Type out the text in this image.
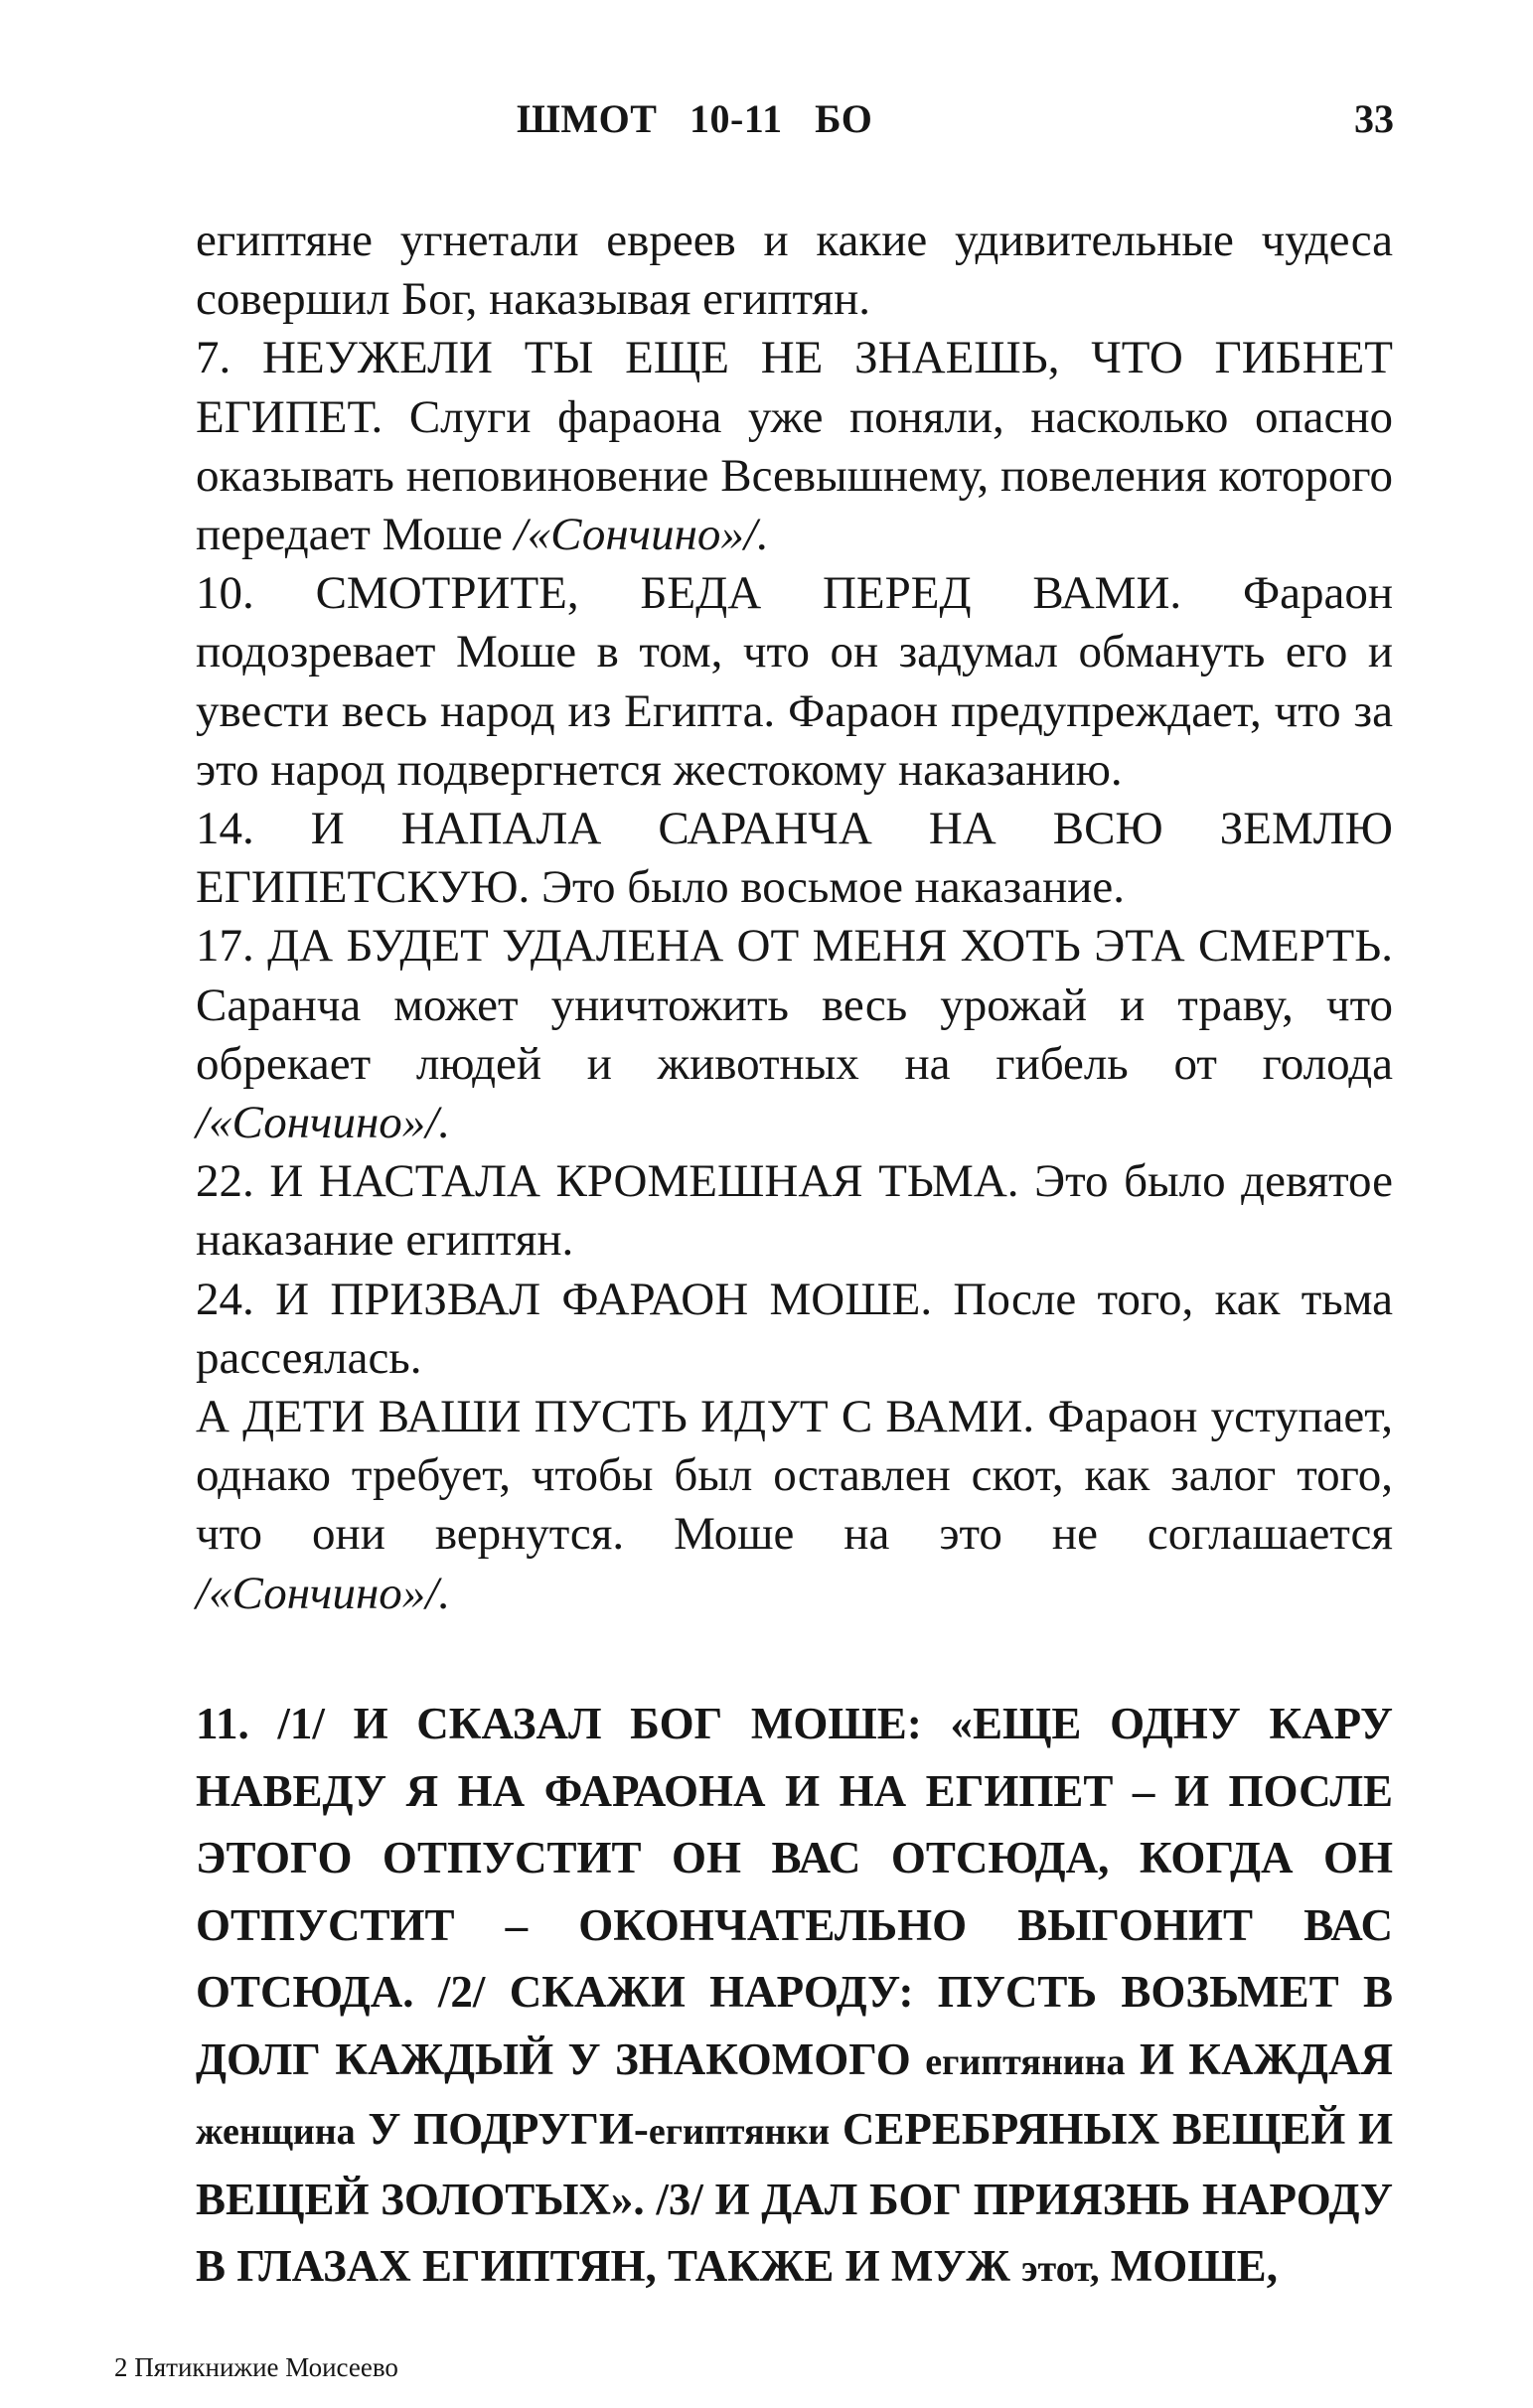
ШМОТ 10-11 БО	33

египтяне угнетали евреев и какие удивительные чудеса совершил Бог, наказывая египтян.

7. НЕУЖЕЛИ ТЫ ЕЩЕ НЕ ЗНАЕШЬ, ЧТО ГИБНЕТ ЕГИПЕТ. Слуги фараона уже поняли, насколько опасно оказывать неповиновение Всевышнему, повеления которого передает Моше /«Сончино»/.

10. СМОТРИТЕ, БЕДА ПЕРЕД ВАМИ. Фараон подозревает Моше в том, что он задумал обмануть его и увести весь народ из Египта. Фараон предупреждает, что за это народ подвергнется жестокому наказанию.

14. И НАПАЛА САРАНЧА НА ВСЮ ЗЕМЛЮ ЕГИПЕТСКУЮ. Это было восьмое наказание.

17. ДА БУДЕТ УДАЛЕНА ОТ МЕНЯ ХОТЬ ЭТА СМЕРТЬ. Саранча может уничтожить весь урожай и траву, что обрекает людей и животных на гибель от голода /«Сончино»/.

22. И НАСТАЛА КРОМЕШНАЯ ТЬМА. Это было девятое наказание египтян.

24. И ПРИЗВАЛ ФАРАОН МОШЕ. После того, как тьма рассеялась.

А ДЕТИ ВАШИ ПУСТЬ ИДУТ С ВАМИ. Фараон уступает, однако требует, чтобы был оставлен скот, как залог того, что они вернутся. Моше на это не соглашается /«Сончино»/.

11. /1/ И СКАЗАЛ БОГ МОШЕ: «ЕЩЕ ОДНУ КАРУ НАВЕДУ Я НА ФАРАОНА И НА ЕГИПЕТ – И ПОСЛЕ ЭТОГО ОТПУСТИТ ОН ВАС ОТСЮДА, КОГДА ОН ОТПУСТИТ – ОКОНЧАТЕЛЬНО ВЫГОНИТ ВАС ОТСЮДА. /2/ СКАЖИ НАРОДУ: ПУСТЬ ВОЗЬМЕТ В ДОЛГ КАЖДЫЙ У ЗНАКОМОГО египтянина И КАЖДАЯ женщина У ПОДРУГИ-египтянки СЕРЕБРЯНЫХ ВЕЩЕЙ И ВЕЩЕЙ ЗОЛОТЫХ». /3/ И ДАЛ БОГ ПРИЯЗНЬ НАРОДУ В ГЛАЗАХ ЕГИПТЯН, ТАКЖЕ И МУЖ этот, МОШЕ,
2 Пятикнижие Моисеево
